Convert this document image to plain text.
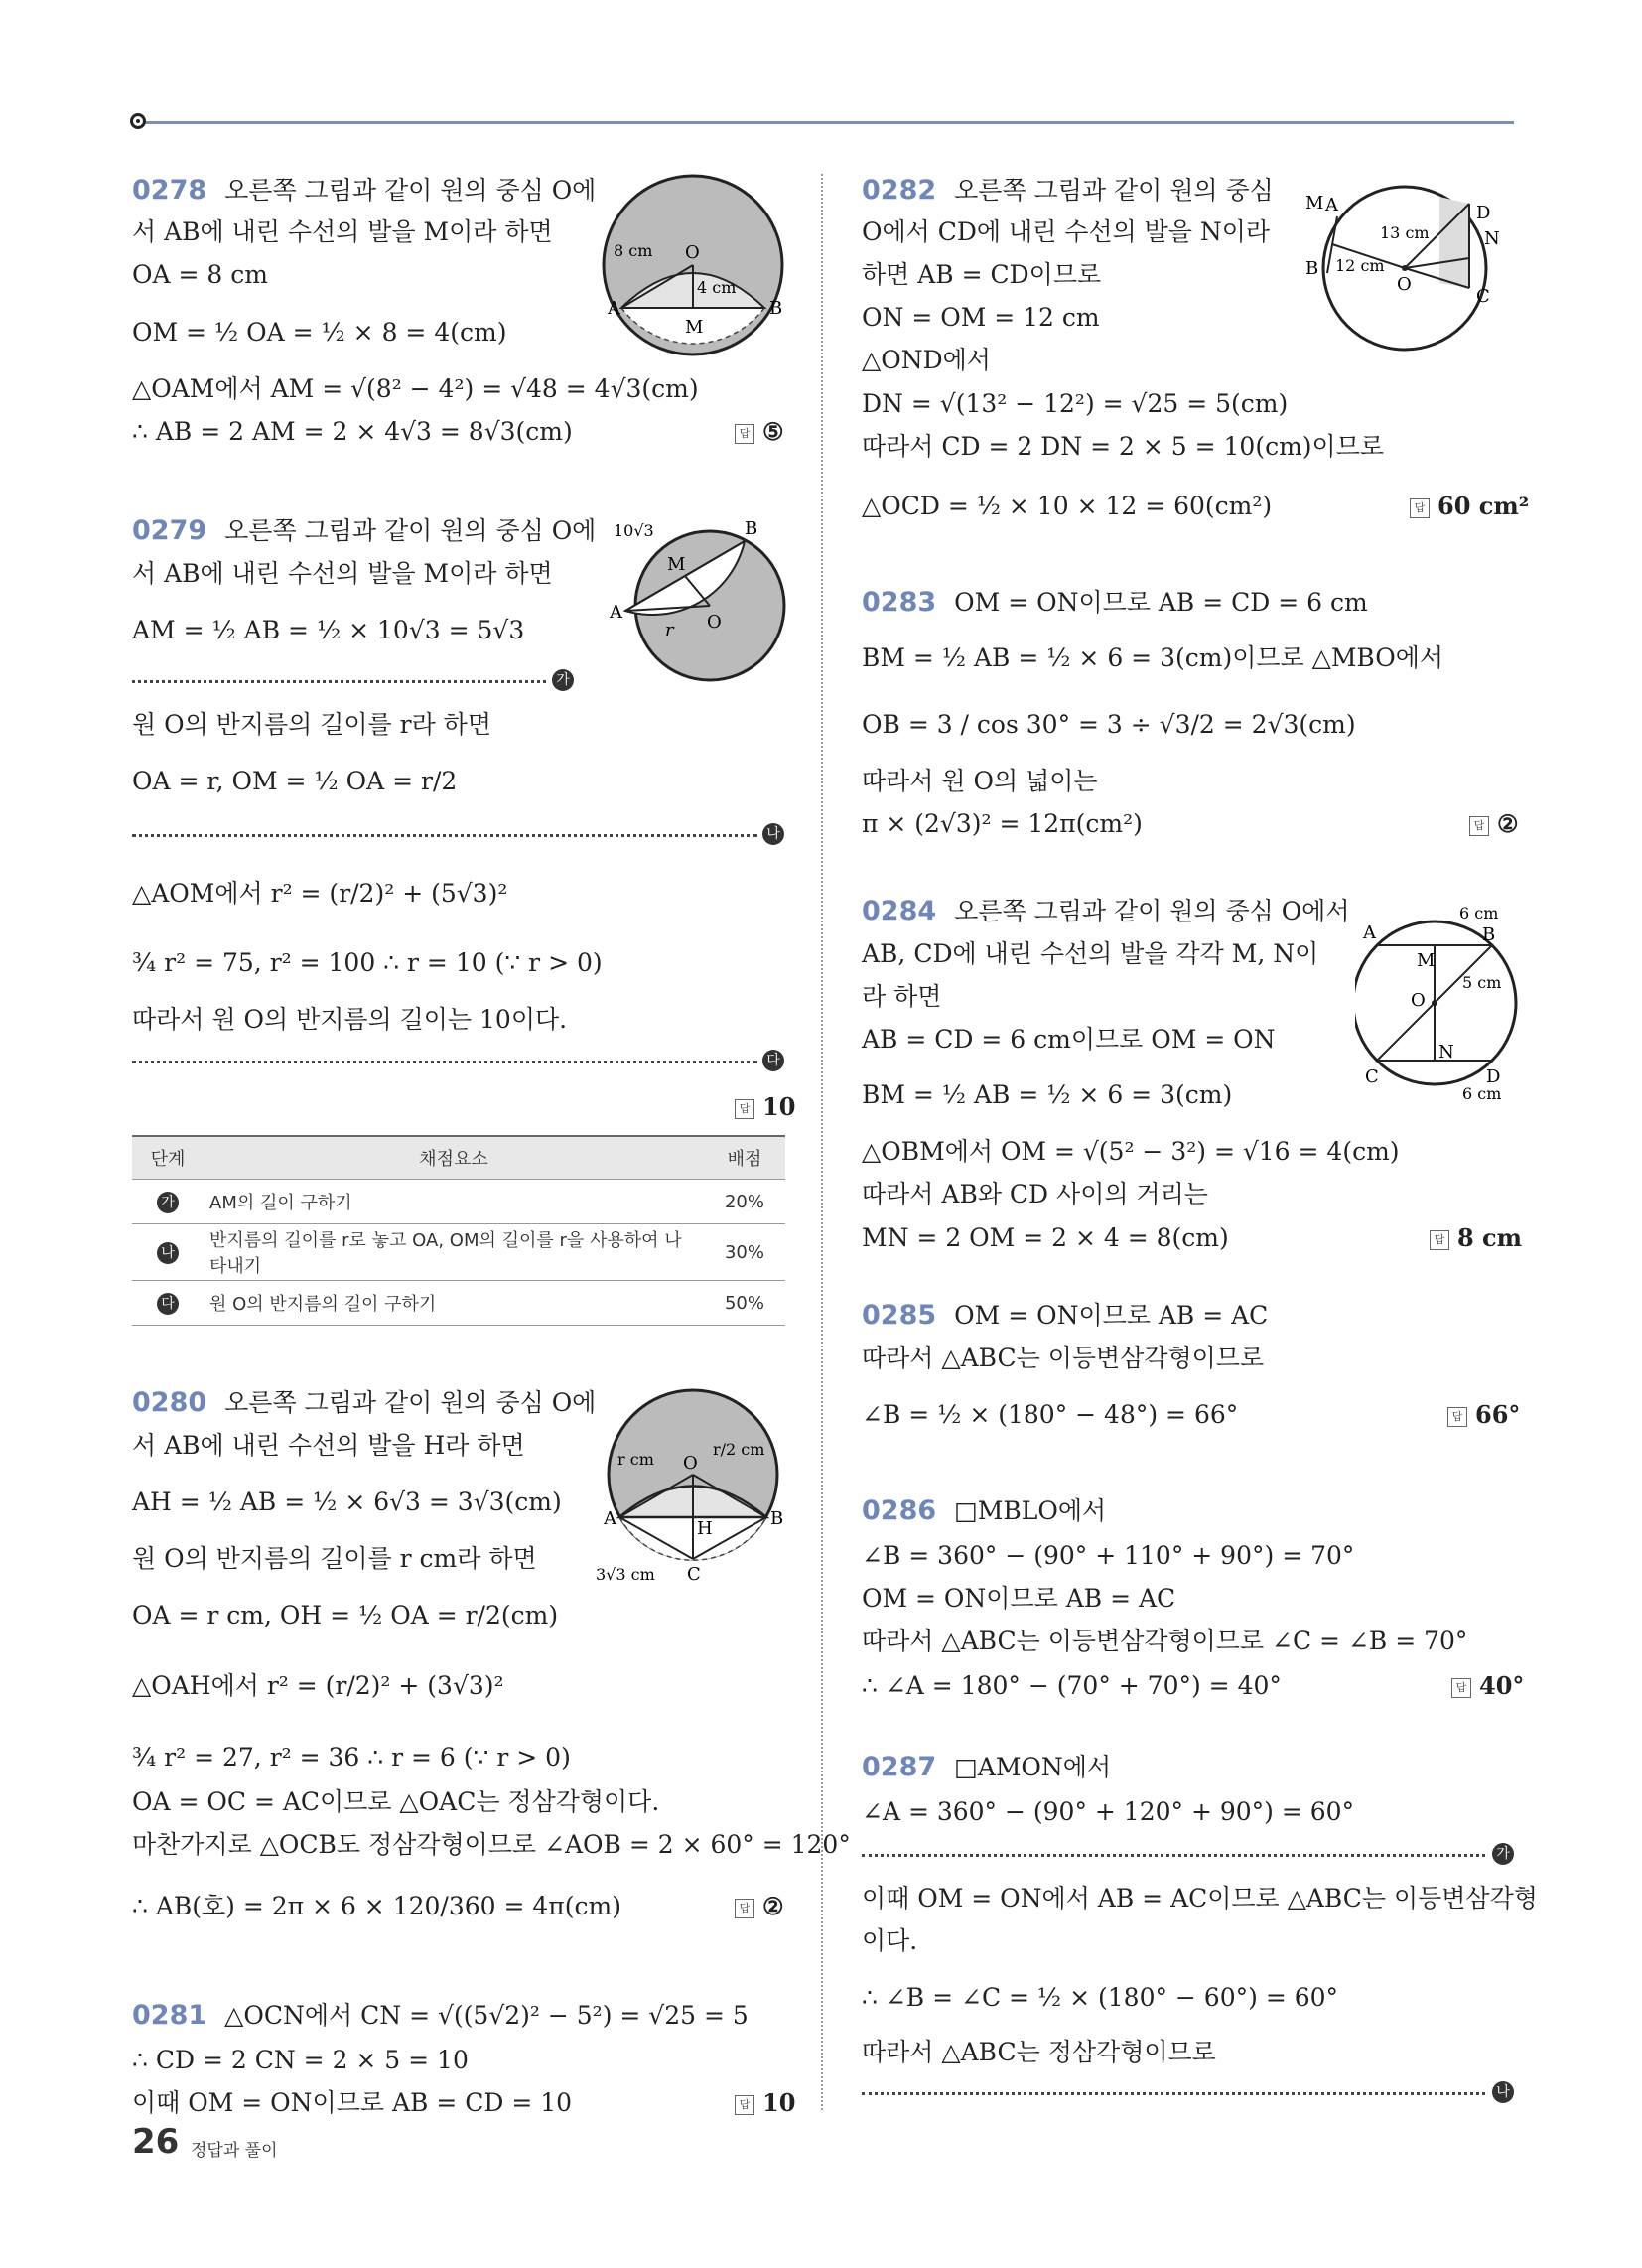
0278 오른쪽 그림과 같이 원의 중심 O에
서 AB에 내린 수선의 발을 M이라 하면
OA = 8 cm
OM = ½ OA = ½ × 8 = 4(cm)
△OAM에서 AM = √(8² − 4²) = √48 = 4√3(cm)
∴ AB = 2 AM = 2 × 4√3 = 8√3(cm)	답 ⑤
A	B
O
M
8 cm
4 cm
0279 오른쪽 그림과 같이 원의 중심 O에
서 AB에 내린 수선의 발을 M이라 하면
AM = ½ AB = ½ × 10√3 = 5√3
가
원 O의 반지름의 길이를 r라 하면
OA = r, OM = ½ OA = r/2
나
△AOM에서 r² = (r/2)² + (5√3)²
¾ r² = 75, r² = 100 ∴ r = 10 (∵ r > 0)
따라서 원 O의 반지름의 길이는 10이다.
다
답 10
A
B
O
M
10√3
r
단계	채점요소	배점
가	AM의 길이 구하기	20%
나	반지름의 길이를 r로 놓고 OA, OM의 길이를 r을 사용하여 나타내기	30%
다	원 O의 반지름의 길이 구하기	50%
0280 오른쪽 그림과 같이 원의 중심 O에
서 AB에 내린 수선의 발을 H라 하면
AH = ½ AB = ½ × 6√3 = 3√3(cm)
원 O의 반지름의 길이를 r cm라 하면
OA = r cm, OH = ½ OA = r/2(cm)
△OAH에서 r² = (r/2)² + (3√3)²
¾ r² = 27, r² = 36 ∴ r = 6 (∵ r > 0)
OA = OC = AC이므로 △OAC는 정삼각형이다.
마찬가지로 △OCB도 정삼각형이므로 ∠AOB = 2 × 60° = 120°
∴ AB(호) = 2π × 6 × 120/360 = 4π(cm)	답 ②
A	B
O
H
C
r cm
r/2 cm
3√3 cm
0281 △OCN에서 CN = √((5√2)² − 5²) = √25 = 5
∴ CD = 2 CN = 2 × 5 = 10
이때 OM = ON이므로 AB = CD = 10	답 10
26 정답과 풀이
0282 오른쪽 그림과 같이 원의 중심
O에서 CD에 내린 수선의 발을 N이라
하면 AB = CD이므로
ON = OM = 12 cm
△OND에서
DN = √(13² − 12²) = √25 = 5(cm)
따라서 CD = 2 DN = 2 × 5 = 10(cm)이므로
△OCD = ½ × 10 × 12 = 60(cm²)	답 60 cm²
A
M
B
D
N
C
O
13 cm
12 cm
0283 OM = ON이므로 AB = CD = 6 cm
BM = ½ AB = ½ × 6 = 3(cm)이므로 △MBO에서
OB = 3 / cos 30° = 3 ÷ √3/2 = 2√3(cm)
따라서 원 O의 넓이는
π × (2√3)² = 12π(cm²)	답 ②
0284 오른쪽 그림과 같이 원의 중심 O에서
AB, CD에 내린 수선의 발을 각각 M, N이
라 하면
AB = CD = 6 cm이므로 OM = ON
BM = ½ AB = ½ × 6 = 3(cm)
△OBM에서 OM = √(5² − 3²) = √16 = 4(cm)
따라서 AB와 CD 사이의 거리는
MN = 2 OM = 2 × 4 = 8(cm)	답 8 cm
A	B
C	D
M
N
O
6 cm
5 cm
6 cm
0285 OM = ON이므로 AB = AC
따라서 △ABC는 이등변삼각형이므로
∠B = ½ × (180° − 48°) = 66°	답 66°
0286 □MBLO에서
∠B = 360° − (90° + 110° + 90°) = 70°
OM = ON이므로 AB = AC
따라서 △ABC는 이등변삼각형이므로 ∠C = ∠B = 70°
∴ ∠A = 180° − (70° + 70°) = 40°	답 40°
0287 □AMON에서
∠A = 360° − (90° + 120° + 90°) = 60°
가
이때 OM = ON에서 AB = AC이므로 △ABC는 이등변삼각형
이다.
∴ ∠B = ∠C = ½ × (180° − 60°) = 60°
따라서 △ABC는 정삼각형이므로
나
